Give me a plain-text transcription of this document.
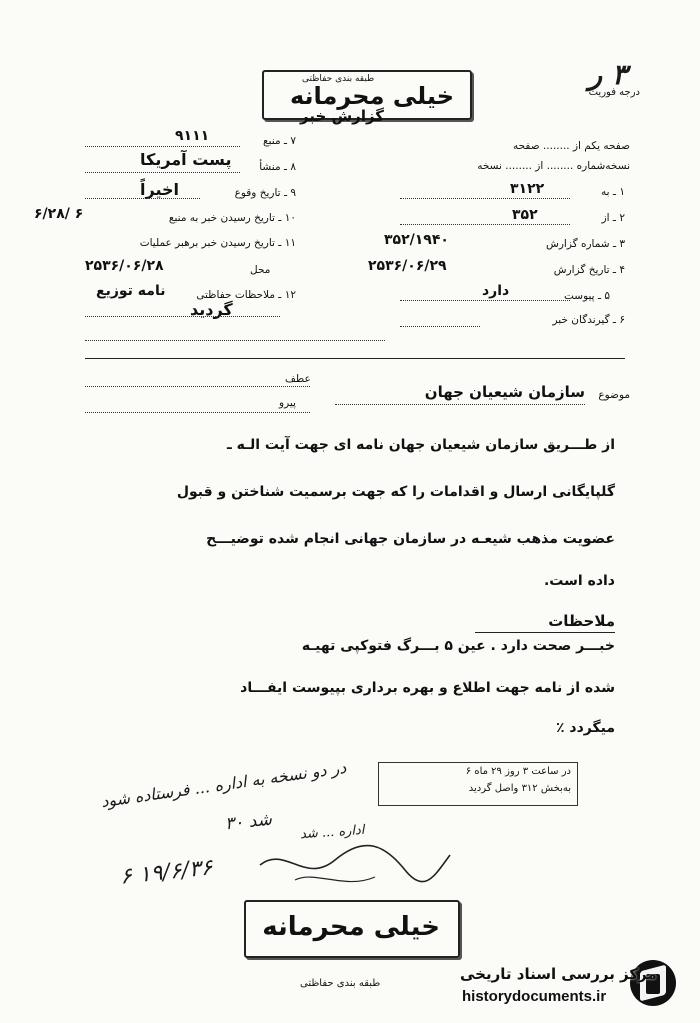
۳ ر
درجه فوریت
طبقه بندی حفاظتی
خیلی محرمانه
گزارش خبر
صفحه یکم از ........ صفحه
نسخه‌شماره ........ از ........ نسخه
۱ ـ به
۳۱۲۲
۲ ـ از
۳۵۲
۳ ـ شماره گزارش
۳۵۲/۱۹۴۰
۴ ـ تاریخ گزارش
۲۵۳۶/۰۶/۲۹
۵ ـ پیوست
دارد
۶ ـ گیرندگان خبر
۷ ـ منبع
۹۱۱۱
۸ ـ منشأ
پست آمریکا
۹ ـ تاریخ وقوع
اخیراً
۱۰ ـ تاریخ رسیدن خبر به منبع
۶/۲۸/ ۶
۱۱ ـ تاریخ رسیدن خبر برهبر عملیات
محل
۲۵۳۶/۰۶/۲۸
۱۲ ـ ملاحظات حفاظتی
نامه توزیع
گردید
عطف
پیرو
موضوع
سازمان شیعیان جهان
از طـــریق سازمان شیعیان جهان نامه ای جهت آیت الـه ـ
گلپایگانی ارسال و اقدامات را که جهت برسمیت شناختن و قبول
عضویت مذهب شیعـه در سازمان جهانی انجام شده توضیـــح
داده است.
ملاحظات
خبـــر صحت دارد . عین ۵ بـــرگ فتوکپی تهیـه
شده از نامه جهت اطلاع و بهره برداری بپیوست ایفـــاد
میگردد ٪
در ساعت ۳ روز ۲۹ ماه ۶
به‌بخش ۳۱۲ واصل گردید
در دو نسخه به اداره ... فرستاده شود
شد ۳۰
اداره ... شد
۱۹/۶/۳۶ ۶
خیلی محرمانه
طبقه بندی حفاظتی
مرکز بررسی اسناد تاریخی
historydocuments.ir
